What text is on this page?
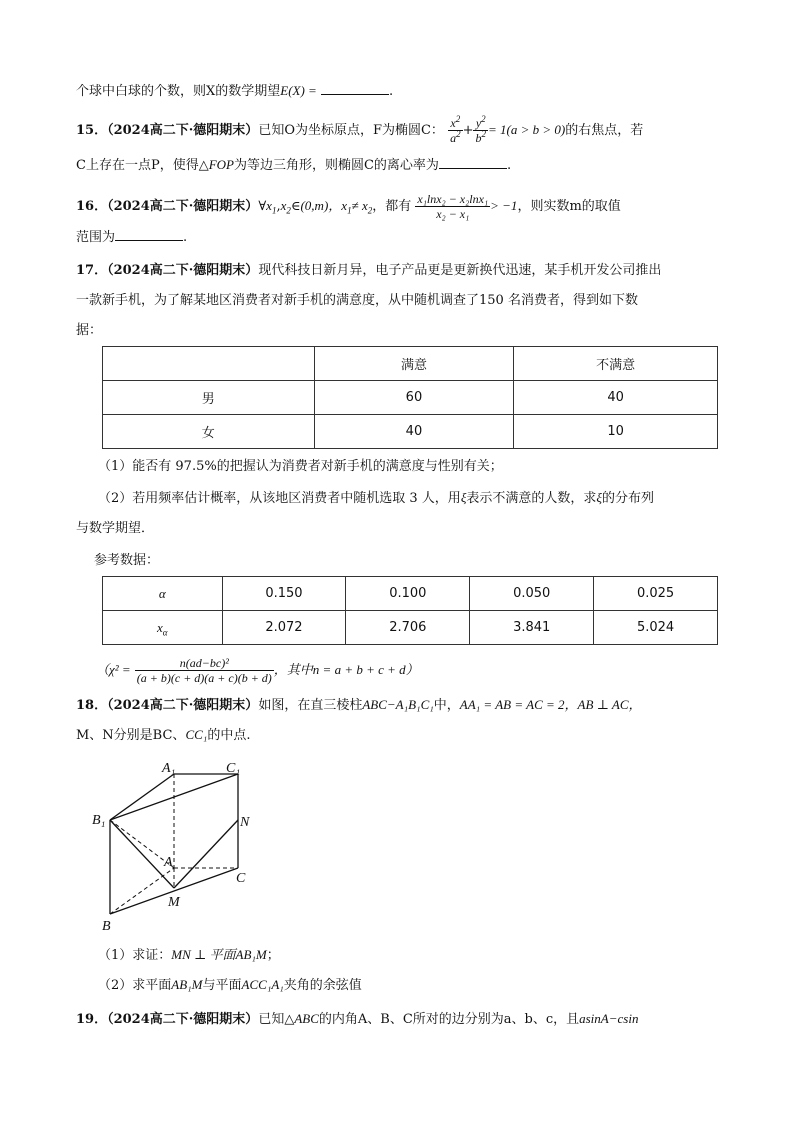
个球中白球的个数，则X的数学期望E(X) =	.
15．（2024高二下·德阳期末）已知O为坐标原点，F为椭圆C： $\frac{x^2}{a^2} + \frac{y^2}{b^2} = 1(a > b > 0)$的右焦点，若
C上存在一点P，使得△FOP为等边三角形，则椭圆C的离心率为	.
16．（2024高二下·德阳期末）$\forall x_1,x_2\in(0,m)$，$x_1\ne x_2$，都有 $\frac{\text{x₁lnx₂ − x₂lnx₁}}{\text{x₂ − x₁}} > -1$，则实数m的取值
范围为	.
17．（2024高二下·德阳期末）现代科技日新月异，电子产品更是更新换代迅速，某手机开发公司推出
一款新手机，为了解某地区消费者对新手机的满意度，从中随机调查了150 名消费者，得到如下数
据：
	满意	不满意
男	60	40
女	40	10
（1）能否有 97.5%的把握认为消费者对新手机的满意度与性别有关；
（2）若用频率估计概率，从该地区消费者中随机选取 3 人，用ξ表示不满意的人数，求ξ的分布列
与数学期望．
参考数据：
α	0.150	0.100	0.050	0.025
$x_\alpha$	2.072	2.706	3.841	5.024
（$\chi^2 = \frac{\text{n(ad−bc)²}}{(a + b)(c + d)(a + c)(b + d)}$ ，其中n = a + b + c + d）
18．（2024高二下·德阳期末）如图，在直三棱柱ABC−A₁B₁C₁中，AA₁ = AB = AC = 2，AB ⊥ AC，
M、N分别是BC、CC₁的中点.
A₁	C₁
B₁	N
A
C
M
B
（1）求证：MN ⊥ 平面AB₁M；
（2）求平面AB₁M与平面ACC₁A₁夹角的余弦值
19．（2024高二下·德阳期末）已知△ABC的内角A、B、C所对的边分别为a、b、c，且asinA−csin
